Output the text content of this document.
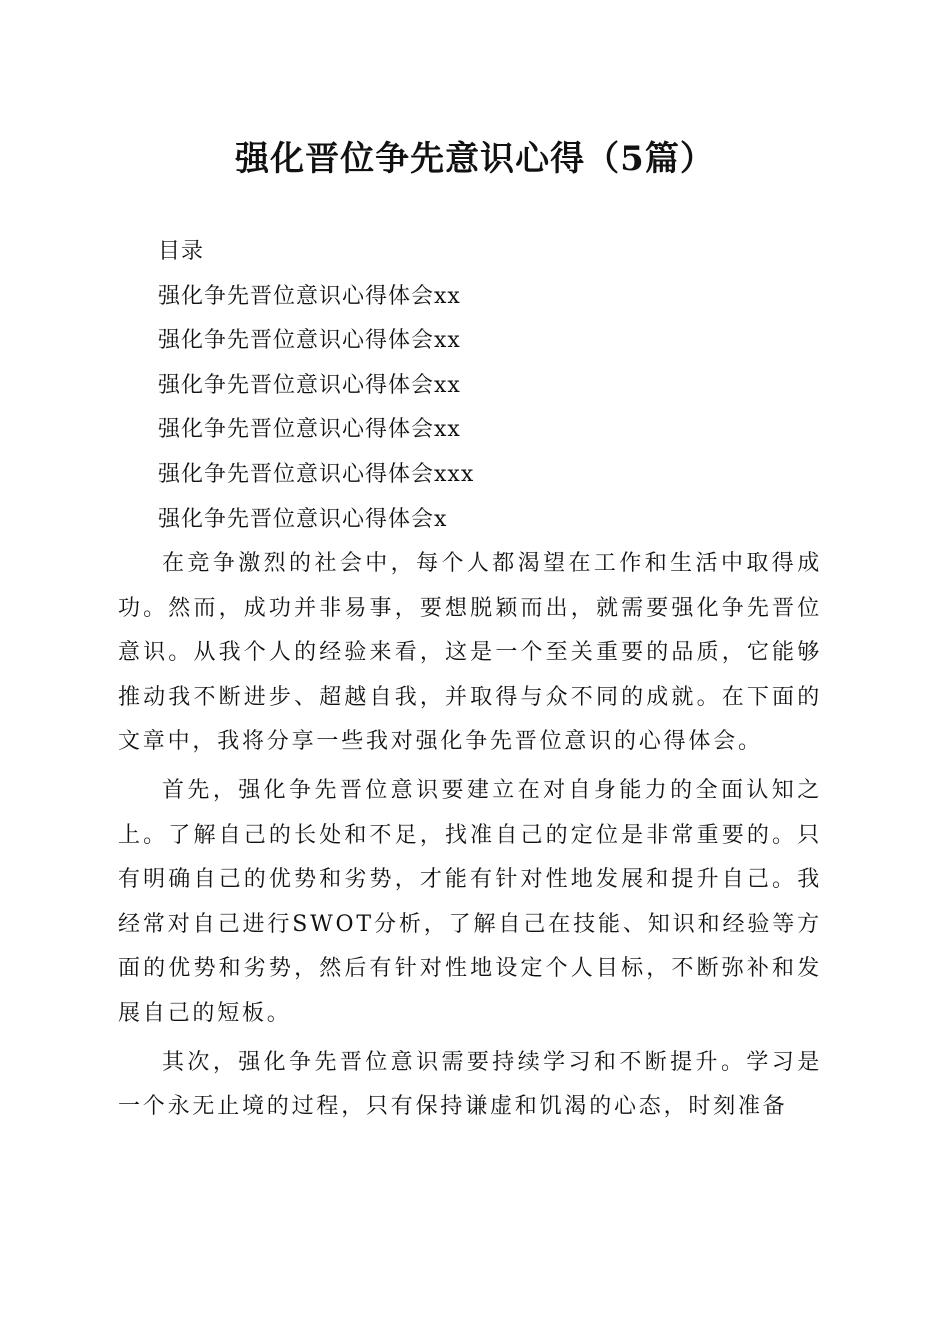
强化晋位争先意识心得（5篇）
目录
强化争先晋位意识心得体会xx
强化争先晋位意识心得体会xx
强化争先晋位意识心得体会xx
强化争先晋位意识心得体会xx
强化争先晋位意识心得体会xxx
强化争先晋位意识心得体会x

在竞争激烈的社会中，每个人都渴望在工作和生活中取得成功。然而，成功并非易事，要想脱颖而出，就需要强化争先晋位意识。从我个人的经验来看，这是一个至关重要的品质，它能够推动我不断进步、超越自我，并取得与众不同的成就。在下面的文章中，我将分享一些我对强化争先晋位意识的心得体会。

首先，强化争先晋位意识要建立在对自身能力的全面认知之上。了解自己的长处和不足，找准自己的定位是非常重要的。只有明确自己的优势和劣势，才能有针对性地发展和提升自己。我经常对自己进行SWOT分析，了解自己在技能、知识和经验等方面的优势和劣势，然后有针对性地设定个人目标，不断弥补和发展自己的短板。

其次，强化争先晋位意识需要持续学习和不断提升。学习是一个永无止境的过程，只有保持谦虚和饥渴的心态，时刻准备
